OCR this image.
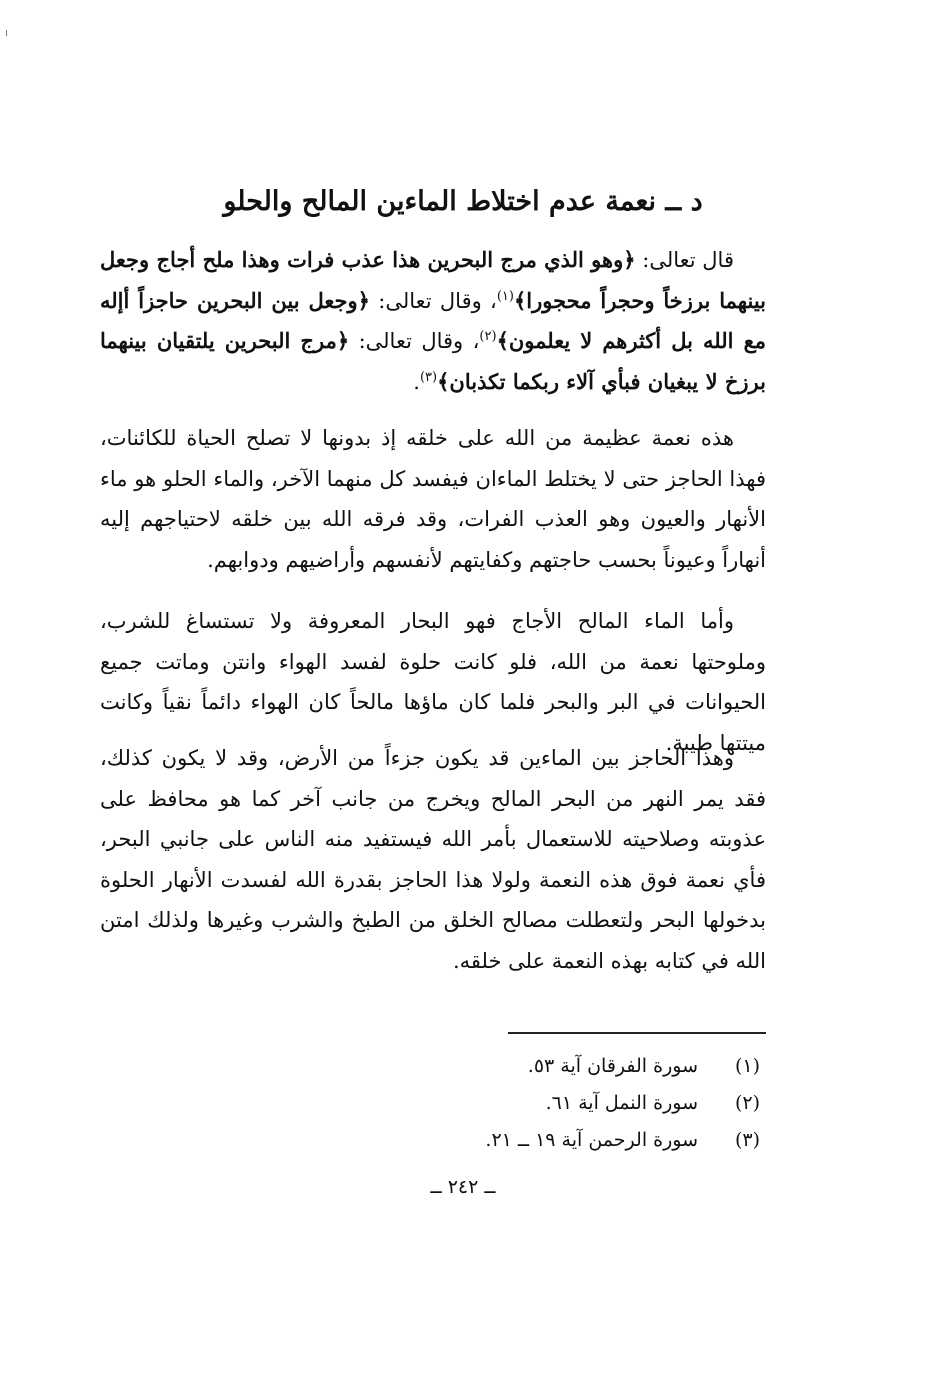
د ــ نعمة عدم اختلاط الماءين المالح والحلو

قال تعالى: ﴿وهو الذي مرج البحرين هذا عذب فرات وهذا ملح أجاج وجعل بينهما برزخاً وحجراً محجورا﴾$^{(١)}$، وقال تعالى: ﴿وجعل بين البحرين حاجزاً أإله مع الله بل أكثرهم لا يعلمون﴾$^{(٢)}$، وقال تعالى: ﴿مرج البحرين يلتقيان بينهما برزخ لا يبغيان فبأي آلاء ربكما تكذبان﴾$^{(٣)}$.

هذه نعمة عظيمة من الله على خلقه إذ بدونها لا تصلح الحياة للكائنات، فهذا الحاجز حتى لا يختلط الماءان فيفسد كل منهما الآخر، والماء الحلو هو ماء الأنهار والعيون وهو العذب الفرات، وقد فرقه الله بين خلقه لاحتياجهم إليه أنهاراً وعيوناً بحسب حاجتهم وكفايتهم لأنفسهم وأراضيهم ودوابهم.

وأما الماء المالح الأجاج فهو البحار المعروفة ولا تستساغ للشرب، وملوحتها نعمة من الله، فلو كانت حلوة لفسد الهواء وانتن وماتت جميع الحيوانات في البر والبحر فلما كان ماؤها مالحاً كان الهواء دائماً نقياً وكانت ميتتها طيبة.

وهذا الحاجز بين الماءين قد يكون جزءاً من الأرض، وقد لا يكون كذلك، فقد يمر النهر من البحر المالح ويخرج من جانب آخر كما هو محافظ على عذوبته وصلاحيته للاستعمال بأمر الله فيستفيد منه الناس على جانبي البحر، فأي نعمة فوق هذه النعمة ولولا هذا الحاجز بقدرة الله لفسدت الأنهار الحلوة بدخولها البحر ولتعطلت مصالح الخلق من الطبخ والشرب وغيرها ولذلك امتن الله في كتابه بهذه النعمة على خلقه.

(١)
سورة الفرقان آية ٥٣.
(٢)
سورة النمل آية ٦١.
(٣)
سورة الرحمن آية ١٩ ــ ٢١.
ــ ٢٤٢ ــ
